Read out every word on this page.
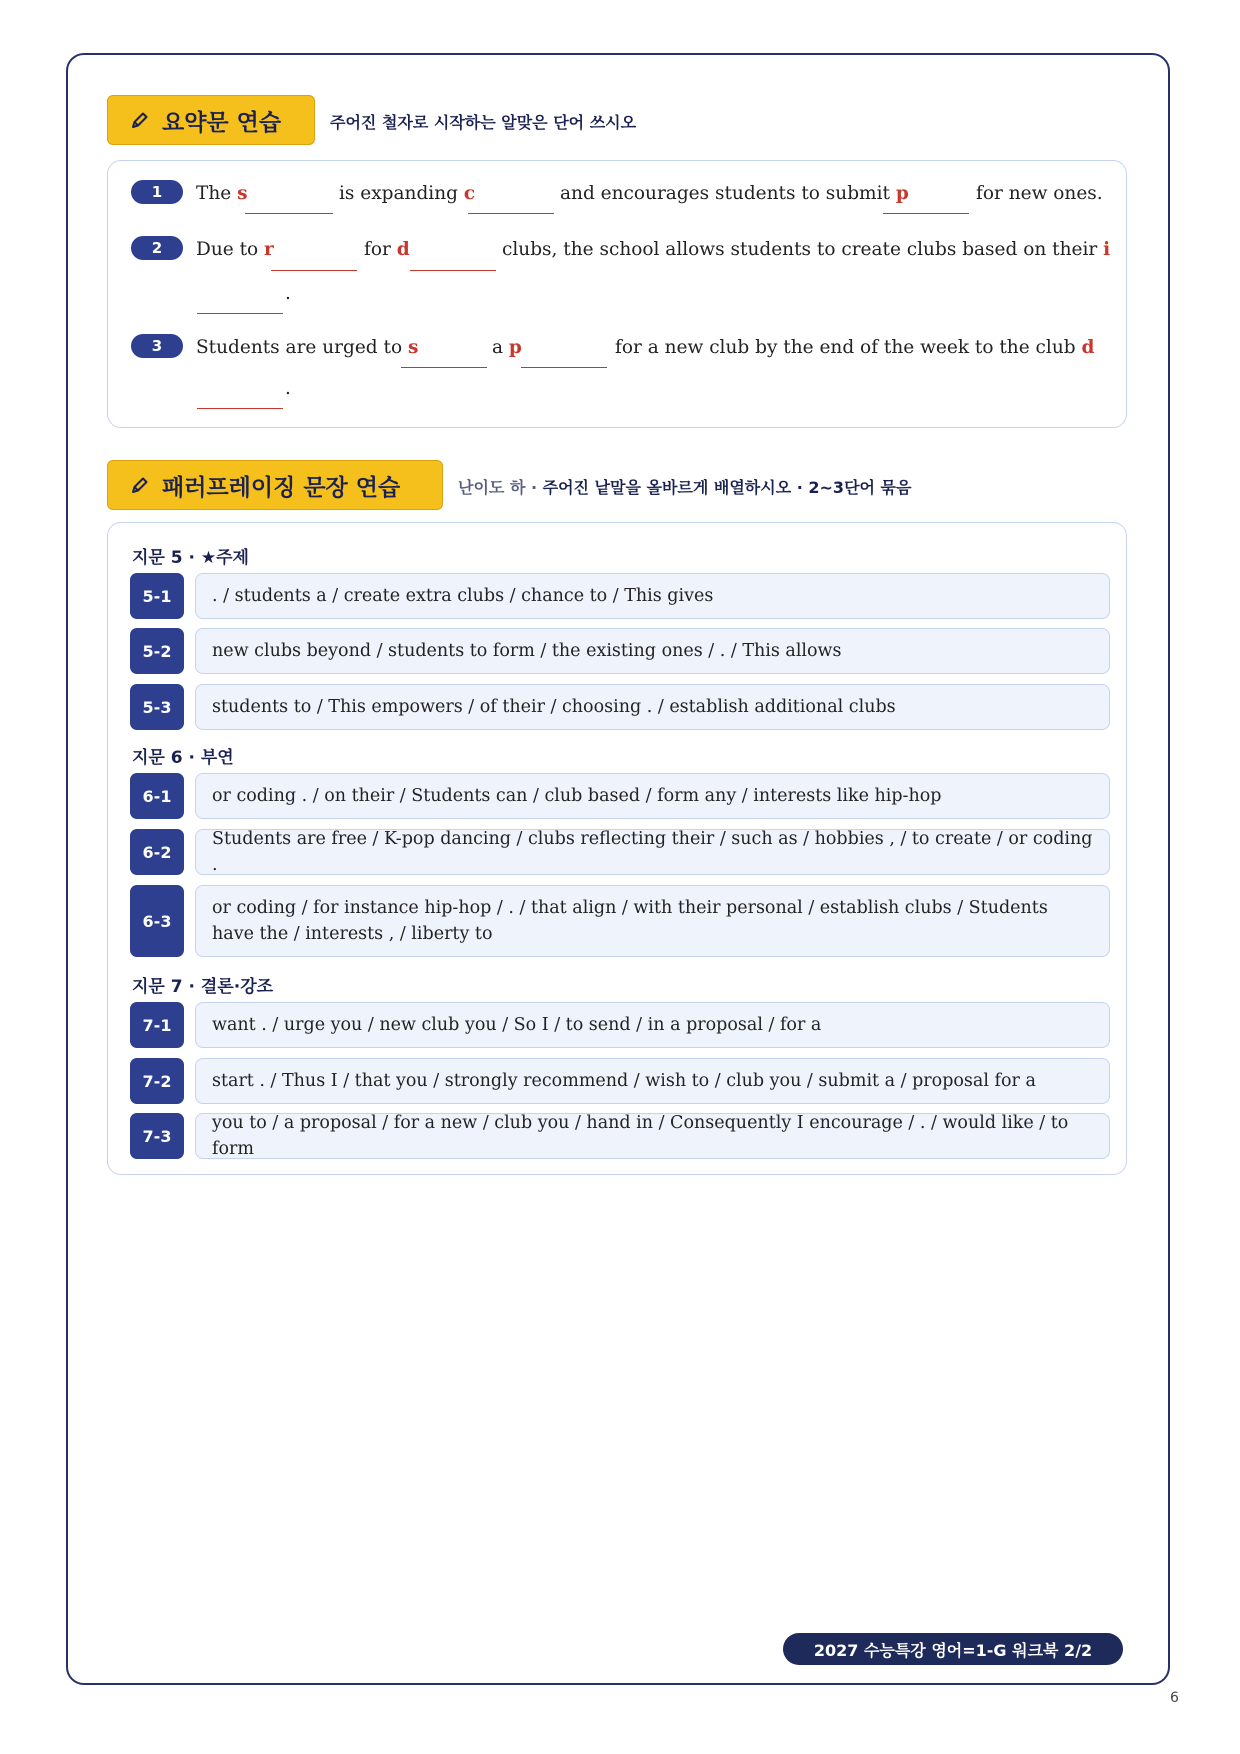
요약문 연습	주어진 철자로 시작하는 알맞은 단어 쓰시오
1	The s	is expanding c	and encourages students to submit p	for new ones.
2	Due to r	for d	clubs, the school allows students to create clubs based on their i
.
3	Students are urged to s	a p	for a new club by the end of the week to the club d
.
패러프레이징 문장 연습	난이도 하 · 주어진 낱말을 올바르게 배열하시오 · 2~3단어 묶음
지문 5 · ★주제
5-1	. / students a / create extra clubs / chance to / This gives
5-2	new clubs beyond / students to form / the existing ones / . / This allows
5-3	students to / This empowers / of their / choosing . / establish additional clubs
지문 6 · 부연
6-1	or coding . / on their / Students can / club based / form any / interests like hip-hop
6-2
Students are free / K-pop dancing / clubs reflecting their / such as / hobbies , / to create / or coding .
6-3
or coding / for instance hip-hop / . / that align / with their personal / establish clubs / Students have the / interests , / liberty to
지문 7 · 결론·강조
7-1	want . / urge you / new club you / So I / to send / in a proposal / for a
7-2	start . / Thus I / that you / strongly recommend / wish to / club you / submit a / proposal for a
7-3
you to / a proposal / for a new / club you / hand in / Consequently I encourage / . / would like / to form
2027 수능특강 영어=1-G 워크북 2/2
6
